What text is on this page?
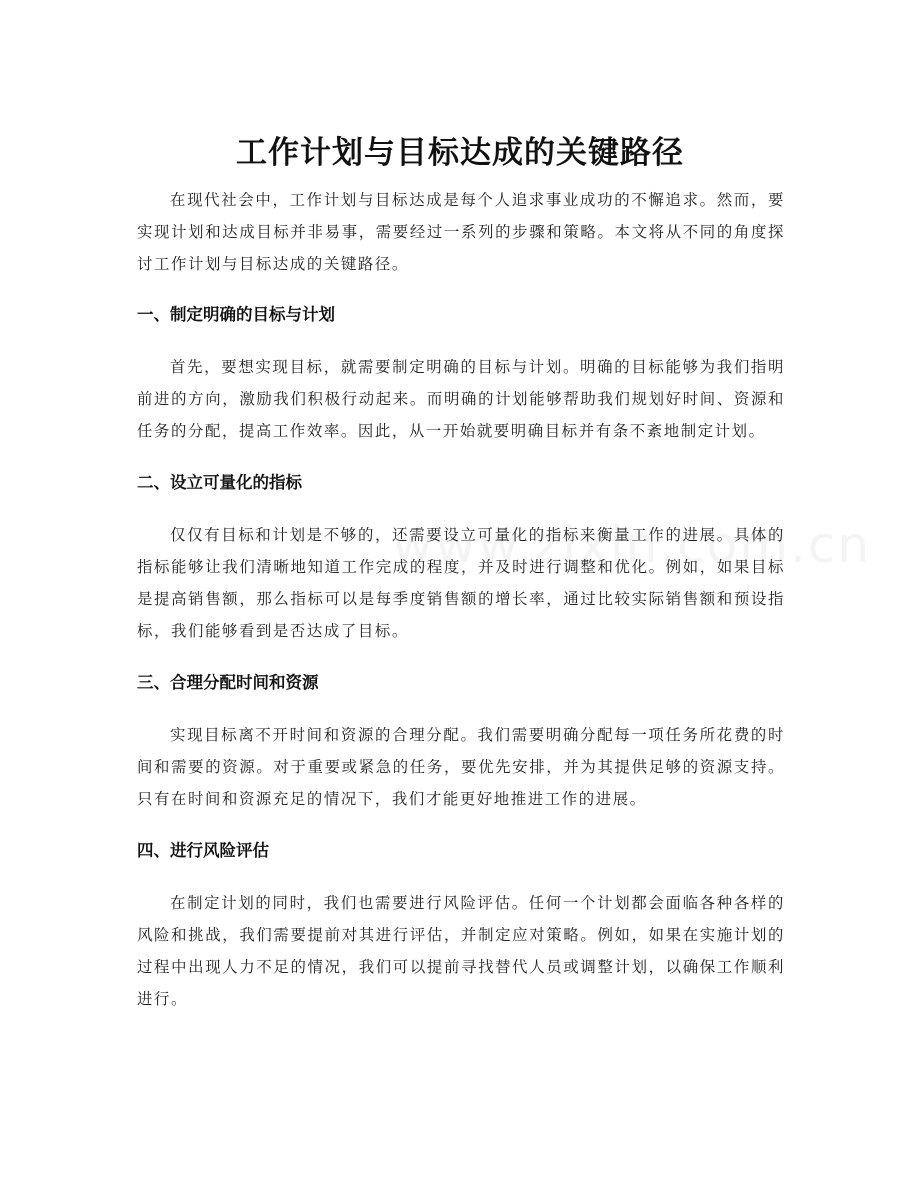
工作计划与目标达成的关键路径

在现代社会中，工作计划与目标达成是每个人追求事业成功的不懈追求。然而，要实现计划和达成目标并非易事，需要经过一系列的步骤和策略。本文将从不同的角度探讨工作计划与目标达成的关键路径。

一、制定明确的目标与计划

首先，要想实现目标，就需要制定明确的目标与计划。明确的目标能够为我们指明前进的方向，激励我们积极行动起来。而明确的计划能够帮助我们规划好时间、资源和任务的分配，提高工作效率。因此，从一开始就要明确目标并有条不紊地制定计划。

二、设立可量化的指标

仅仅有目标和计划是不够的，还需要设立可量化的指标来衡量工作的进展。具体的指标能够让我们清晰地知道工作完成的程度，并及时进行调整和优化。例如，如果目标是提高销售额，那么指标可以是每季度销售额的增长率，通过比较实际销售额和预设指标，我们能够看到是否达成了目标。

三、合理分配时间和资源

实现目标离不开时间和资源的合理分配。我们需要明确分配每一项任务所花费的时间和需要的资源。对于重要或紧急的任务，要优先安排，并为其提供足够的资源支持。只有在时间和资源充足的情况下，我们才能更好地推进工作的进展。

四、进行风险评估

在制定计划的同时，我们也需要进行风险评估。任何一个计划都会面临各种各样的风险和挑战，我们需要提前对其进行评估，并制定应对策略。例如，如果在实施计划的过程中出现人力不足的情况，我们可以提前寻找替代人员或调整计划，以确保工作顺利进行。
